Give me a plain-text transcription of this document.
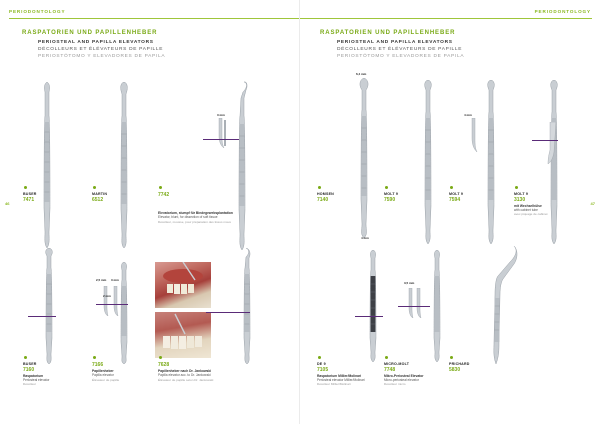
PERIODONTOLOGY
RASPATORIEN UND PAPILLENHEBER
PERIOSTEAL AND PAPILLA ELEVATORS
DÉCOLLEURS ET ÉLÉVATEURS DE PAPILLE
PERIOSTÓTOMO Y ELEVADORES DE PAPILA
46
3 mm
BUSER
7471
MARTIN
6512
7742
Elevatorium, stumpf für Bindegewebsplantation
Elevator, blunt, for dissection of soft tissue
Décolleur, mousse, pour préparation des tissus mous
2,5 mm 3 mm
2 mm
BUSER
7160
Raspatorium
Periosteal elevator
Décolleur
7166
Papillenheber
Papilla elevator
Élévateur de papille
7628
Papillenheber nach Dr. Jankowski
Papilla elevator acc. to Dr. Jankowski
Élévateur de papille selon Dr. Jankowski
PERIODONTOLOGY
RASPATORIEN UND PAPILLENHEBER
PERIOSTEAL AND PAPILLA ELEVATORS
DÉCOLLEURS ET ÉLÉVATEURS DE PAPILLE
PERIOSTÓTOMO Y ELEVADORES DE PAPILA
47
6,4 mm
4 mm
4 mm
HOMSEN
7140
MOLT 9
7590
MOLT 9
7594
MOLT 9
3130
mit Wechselhülse
with cabinet tube
avec piquage de cabinet
3,5 mm
DE 9
7105
Raspatorium Millier/Molinari
Periosteal elevator Millier/Molinari
Décolleur Millier/Molinari
MICRO-MOLT
7748
Mikro-Periosteal Elevator
Micro-periosteal elevator
Décolleur micro
PRICHARD
5830
